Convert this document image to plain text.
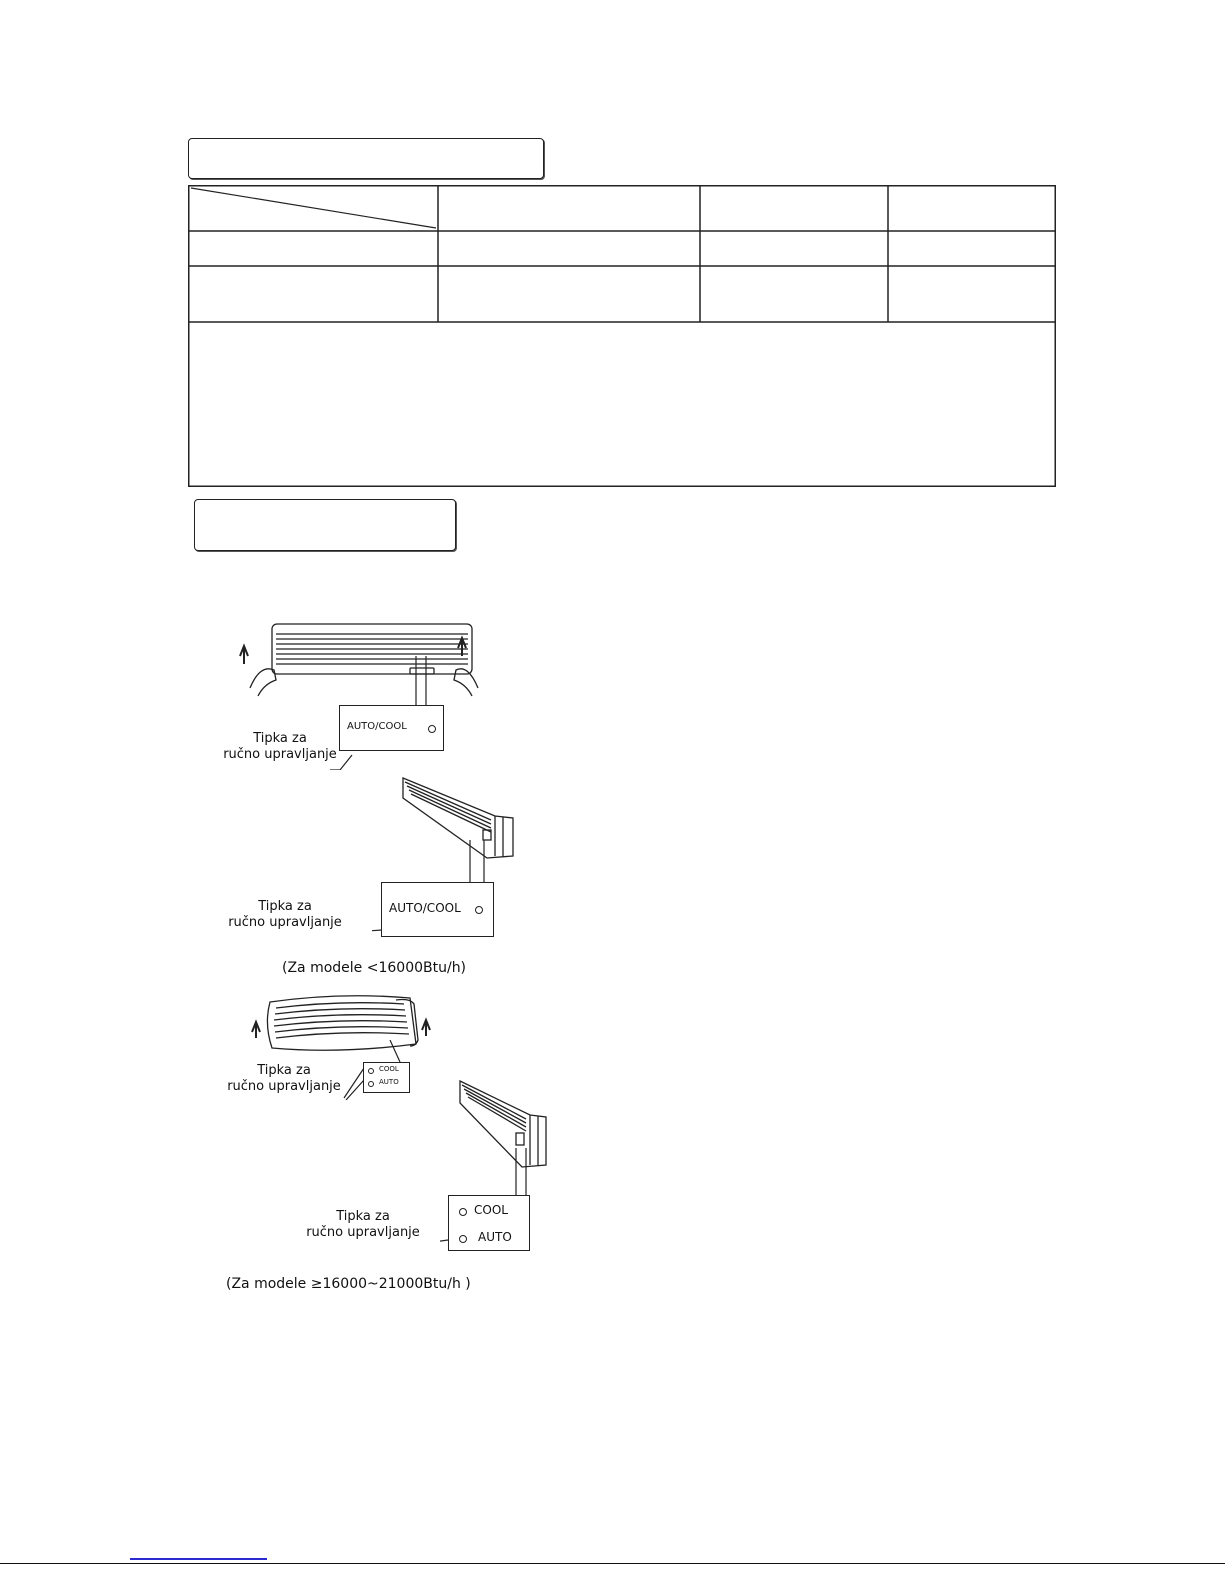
AUTO/COOL
Tipka za
ručno upravljanje
AUTO/COOL
Tipka za
ručno upravljanje
(Za modele <16000Btu/h)
COOL
AUTO
Tipka za
ručno upravljanje
COOL
AUTO
Tipka za
ručno upravljanje
(Za modele ≥16000~21000Btu/h )
